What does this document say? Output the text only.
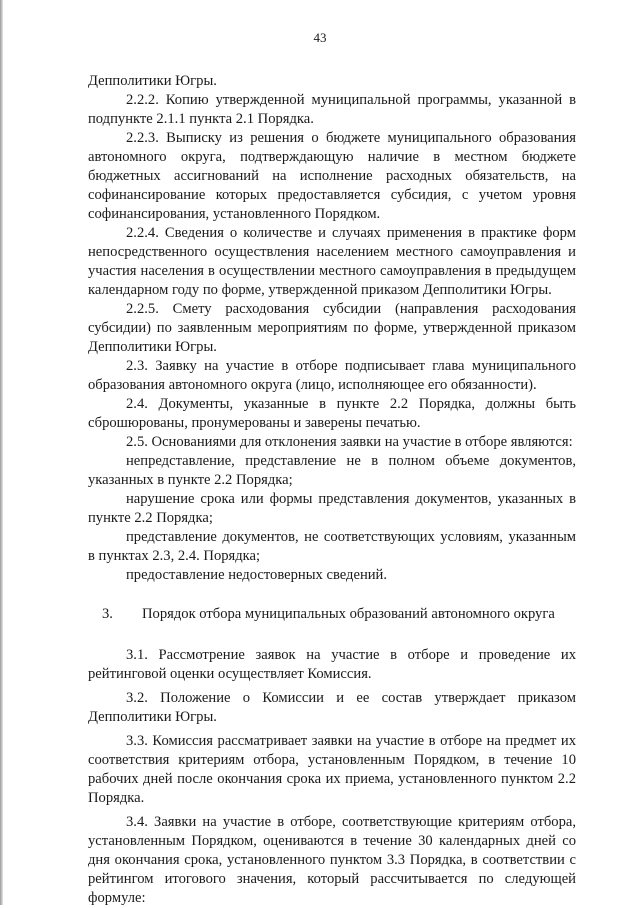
43

Депполитики Югры.

2.2.2. Копию утвержденной муниципальной программы, указанной в подпункте 2.1.1 пункта 2.1 Порядка.

2.2.3. Выписку из решения о бюджете муниципального образования автономного округа, подтверждающую наличие в местном бюджете бюджетных ассигнований на исполнение расходных обязательств, на софинансирование которых предоставляется субсидия, с учетом уровня софинансирования, установленного Порядком.

2.2.4. Сведения о количестве и случаях применения в практике форм непосредственного осуществления населением местного самоуправления и участия населения в осуществлении местного самоуправления в предыдущем календарном году по форме, утвержденной приказом Депполитики Югры.

2.2.5. Смету расходования субсидии (направления расходования субсидии) по заявленным мероприятиям по форме, утвержденной приказом Депполитики Югры.

2.3. Заявку на участие в отборе подписывает глава муниципального образования автономного округа (лицо, исполняющее его обязанности).

2.4. Документы, указанные в пункте 2.2 Порядка, должны быть сброшюрованы, пронумерованы и заверены печатью.

2.5. Основаниями для отклонения заявки на участие в отборе являются:

непредставление, представление не в полном объеме документов, указанных в пункте 2.2 Порядка;

нарушение срока или формы представления документов, указанных в пункте 2.2 Порядка;

представление документов, не соответствующих условиям, указанным в пунктах 2.3, 2.4. Порядка;

предоставление недостоверных сведений.

3. Порядок отбора муниципальных образований автономного округа

3.1. Рассмотрение заявок на участие в отборе и проведение их рейтинговой оценки осуществляет Комиссия.

3.2. Положение о Комиссии и ее состав утверждает приказом Депполитики Югры.

3.3. Комиссия рассматривает заявки на участие в отборе на предмет их соответствия критериям отбора, установленным Порядком, в течение 10 рабочих дней после окончания срока их приема, установленного пунктом 2.2 Порядка.

3.4. Заявки на участие в отборе, соответствующие критериям отбора, установленным Порядком, оцениваются в течение 30 календарных дней со дня окончания срока, установленного пунктом 3.3 Порядка, в соответствии с рейтингом итогового значения, который рассчитывается по следующей формуле:
